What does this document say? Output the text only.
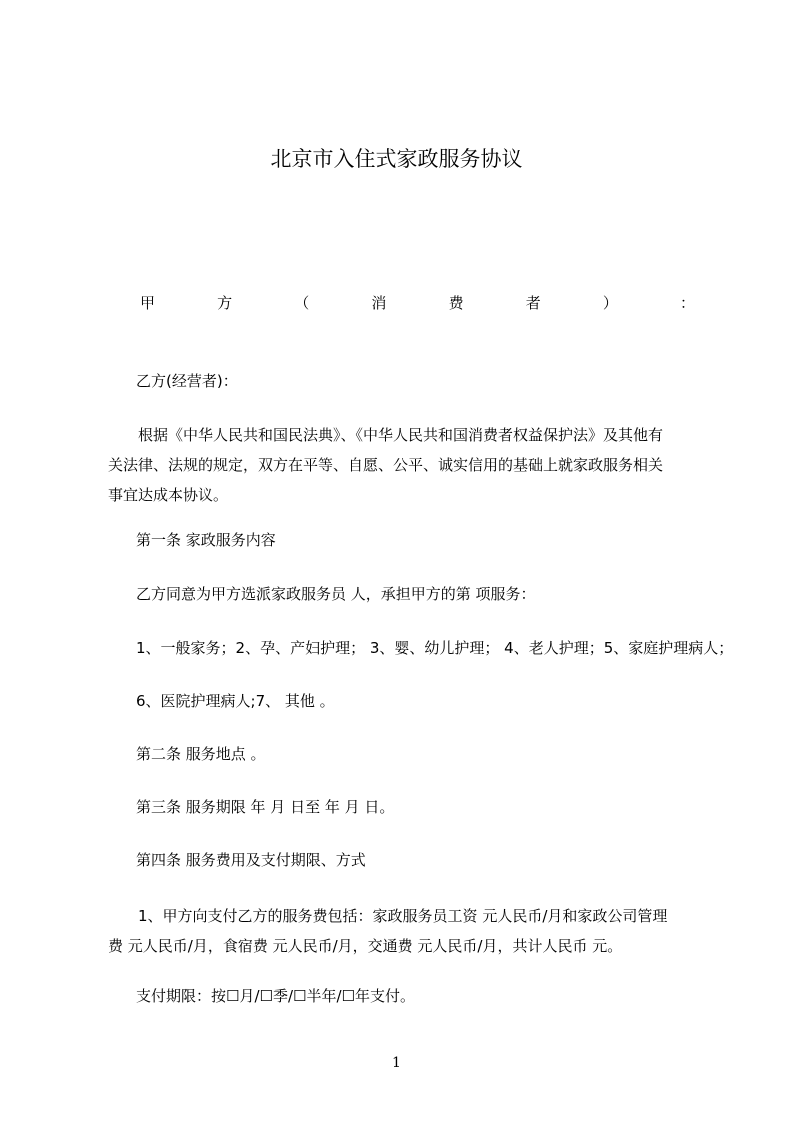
北京市入住式家政服务协议
甲	方	（	消	费	者	）	：
乙方(经营者)：
根据《中华人民共和国民法典》、《中华人民共和国消费者权益保护法》及其他有
关法律、法规的规定，双方在平等、自愿、公平、诚实信用的基础上就家政服务相关
事宜达成本协议。
第一条 家政服务内容
乙方同意为甲方选派家政服务员 人，承担甲方的第 项服务：
1、一般家务；2、孕、产妇护理； 3、婴、幼儿护理； 4、老人护理；5、家庭护理病人；
6、医院护理病人;7、 其他 。
第二条 服务地点 。
第三条 服务期限 年 月 日至 年 月 日。
第四条 服务费用及支付期限、方式
1、甲方向支付乙方的服务费包括：家政服务员工资 元人民币/月和家政公司管理
费 元人民币/月，食宿费 元人民币/月，交通费 元人民币/月，共计人民币 元。
支付期限：按☐月/☐季/☐半年/☐年支付。
1
